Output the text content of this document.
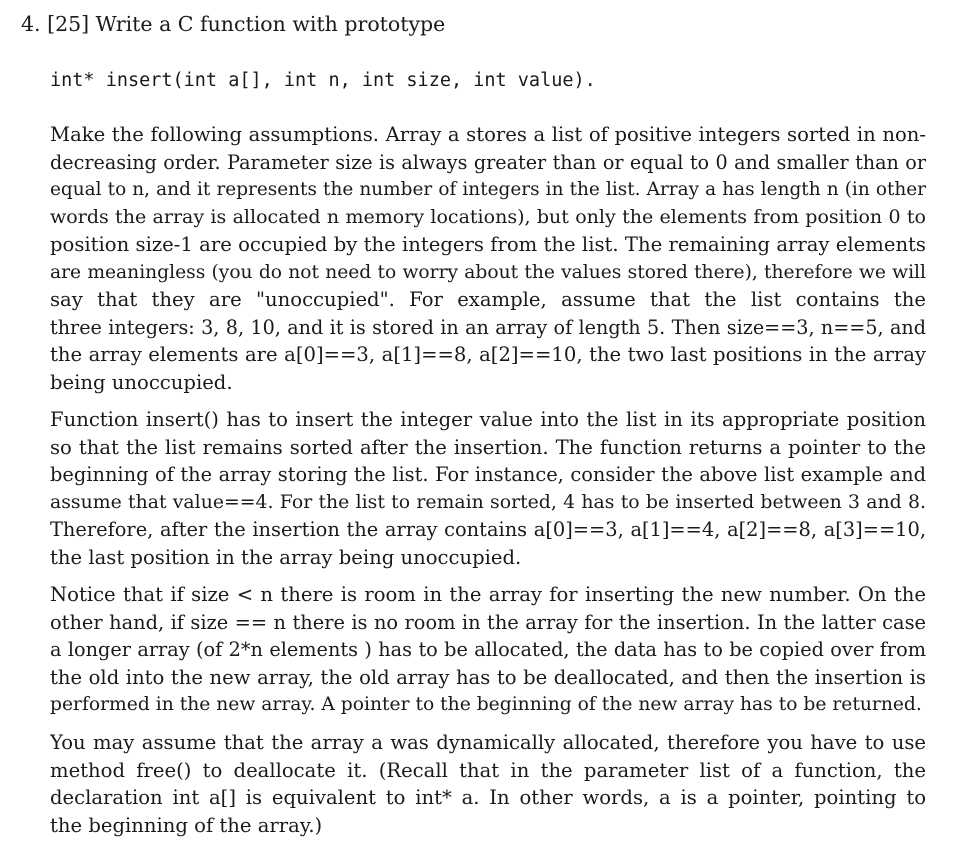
4. [25] Write a C function with prototype
int* insert(int a[], int n, int size, int value).
Make the following assumptions. Array a stores a list of positive integers sorted in non-
decreasing order. Parameter size is always greater than or equal to 0 and smaller than or
equal to n, and it represents the number of integers in the list. Array a has length n (in other
words the array is allocated n memory locations), but only the elements from position 0 to
position size-1 are occupied by the integers from the list. The remaining array elements
are meaningless (you do not need to worry about the values stored there), therefore we will
say that they are "unoccupied". For example, assume that the list contains the
three integers: 3, 8, 10, and it is stored in an array of length 5. Then size==3, n==5, and
the array elements are a[0]==3, a[1]==8, a[2]==10, the two last positions in the array
being unoccupied.
Function insert() has to insert the integer value into the list in its appropriate position
so that the list remains sorted after the insertion. The function returns a pointer to the
beginning of the array storing the list. For instance, consider the above list example and
assume that value==4. For the list to remain sorted, 4 has to be inserted between 3 and 8.
Therefore, after the insertion the array contains a[0]==3, a[1]==4, a[2]==8, a[3]==10,
the last position in the array being unoccupied.
Notice that if size < n there is room in the array for inserting the new number. On the
other hand, if size == n there is no room in the array for the insertion. In the latter case
a longer array (of 2*n elements ) has to be allocated, the data has to be copied over from
the old into the new array, the old array has to be deallocated, and then the insertion is
performed in the new array. A pointer to the beginning of the new array has to be returned.
You may assume that the array a was dynamically allocated, therefore you have to use
method free() to deallocate it. (Recall that in the parameter list of a function, the
declaration int a[] is equivalent to int* a. In other words, a is a pointer, pointing to
the beginning of the array.)
